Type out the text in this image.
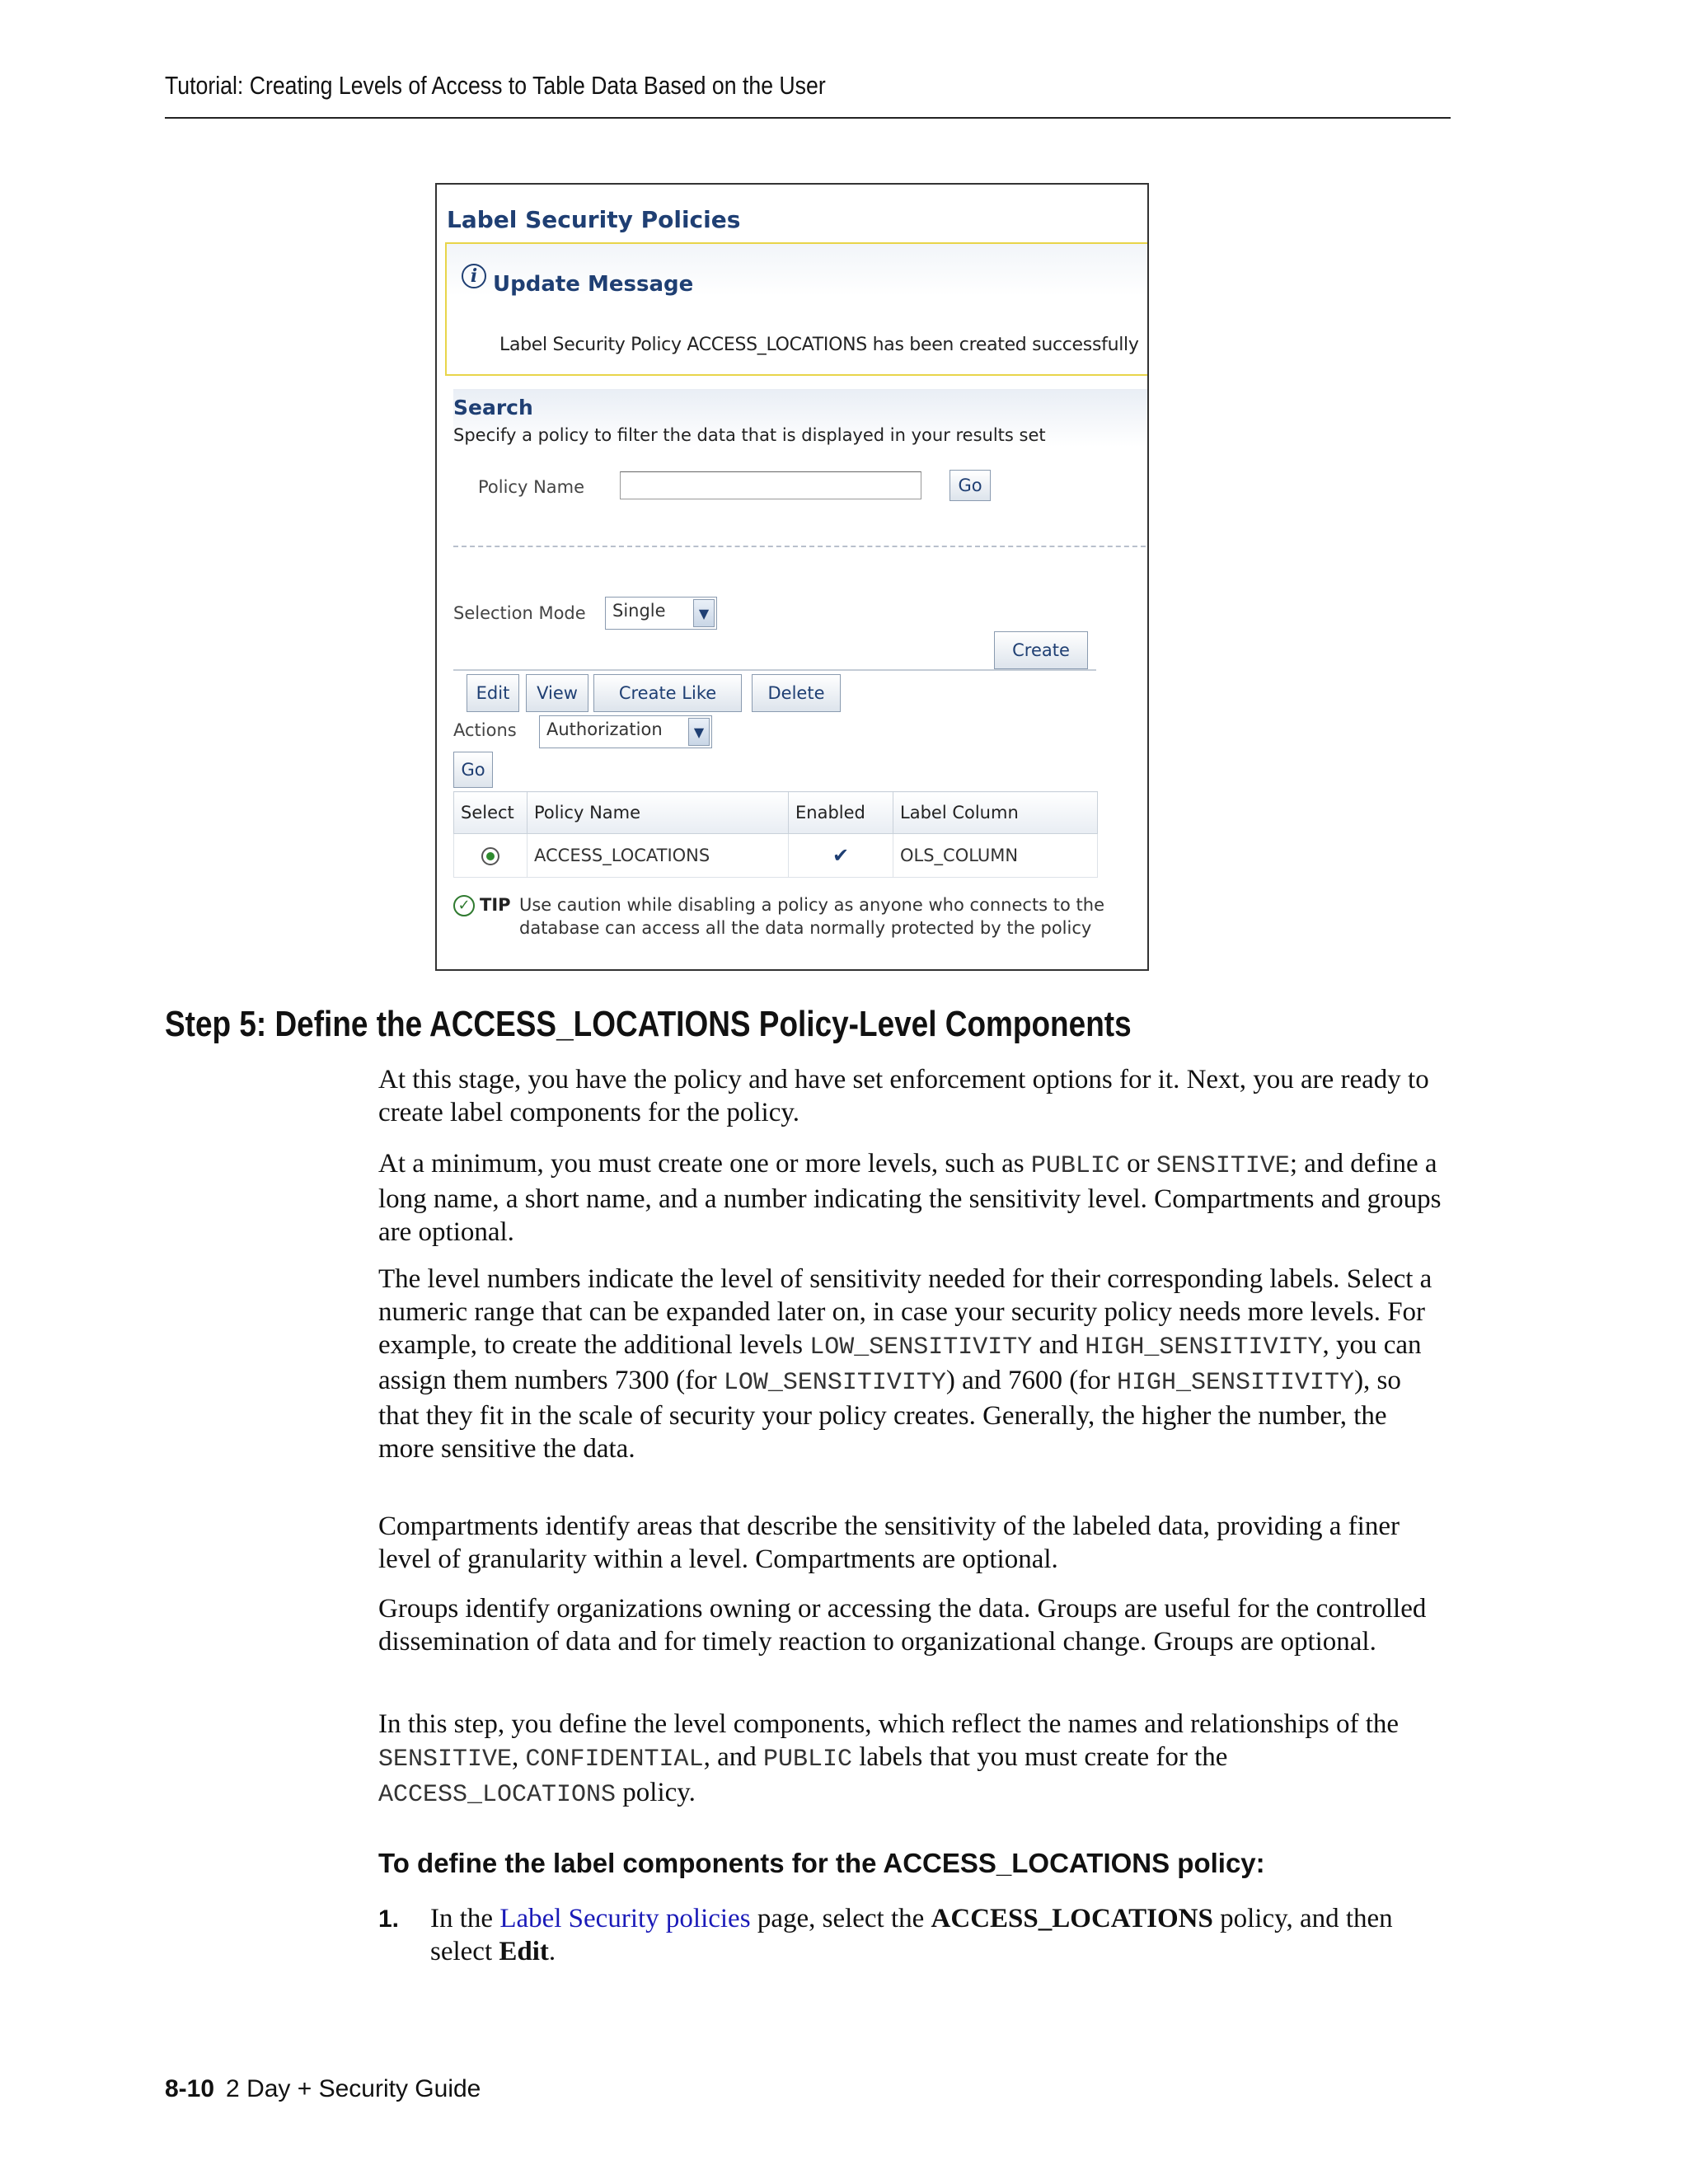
Tutorial: Creating Levels of Access to Table Data Based on the User
Label Security Policies
i Update Message
Label Security Policy ACCESS_LOCATIONS has been created successfully
Search
Specify a policy to filter the data that is displayed in your results set
Policy Name	Go
Selection Mode Single	▼
Create
Edit	View	Create Like	Delete
Actions Authorization	▼
Go
Select	Policy Name	Enabled	Label Column
	ACCESS_LOCATIONS	✔	OLS_COLUMN
✓ TIP Use caution while disabling a policy as anyone who connects to the
database can access all the data normally protected by the policy
Step 5: Define the ACCESS_LOCATIONS Policy-Level Components

At this stage, you have the policy and have set enforcement options for it. Next, you are ready to create label components for the policy.

At a minimum, you must create one or more levels, such as PUBLIC or SENSITIVE; and define a long name, a short name, and a number indicating the sensitivity level. Compartments and groups are optional.

The level numbers indicate the level of sensitivity needed for their corresponding labels. Select a numeric range that can be expanded later on, in case your security policy needs more levels. For example, to create the additional levels LOW_SENSITIVITY and HIGH_SENSITIVITY, you can assign them numbers 7300 (for LOW_SENSITIVITY) and 7600 (for HIGH_SENSITIVITY), so that they fit in the scale of security your policy creates. Generally, the higher the number, the more sensitive the data.

Compartments identify areas that describe the sensitivity of the labeled data, providing a finer level of granularity within a level. Compartments are optional.

Groups identify organizations owning or accessing the data. Groups are useful for the controlled dissemination of data and for timely reaction to organizational change. Groups are optional.

In this step, you define the level components, which reflect the names and relationships of the SENSITIVE, CONFIDENTIAL, and PUBLIC labels that you must create for the ACCESS_LOCATIONS policy.

To define the label components for the ACCESS_LOCATIONS policy:
1. In the Label Security policies page, select the ACCESS_LOCATIONS policy, and then select Edit.
8-10 2 Day + Security Guide
